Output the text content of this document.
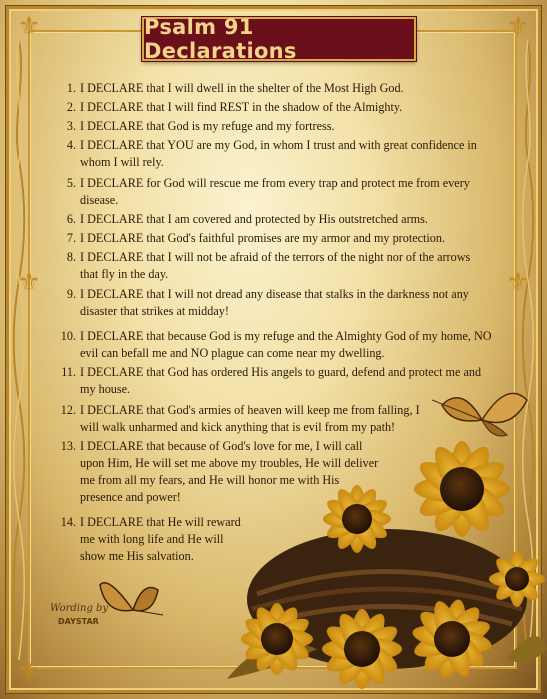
⚜	⚜
⚜	⚜
⚜
Psalm 91 Declarations
1. I DECLARE that I will dwell in the shelter of the Most High God.
2. I DECLARE that I will find REST in the shadow of the Almighty.
3. I DECLARE that God is my refuge and my fortress.
4. I DECLARE that YOU are my God, in whom I trust and with great confidence in whom I will rely.
5. I DECLARE for God will rescue me from every trap and protect me from every disease.
6. I DECLARE that I am covered and protected by His outstretched arms.
7. I DECLARE that God's faithful promises are my armor and my protection.
8. I DECLARE that I will not be afraid of the terrors of the night nor of the arrows that fly in the day.
9. I DECLARE that I will not dread any disease that stalks in the darkness not any disaster that strikes at midday!
10. I DECLARE that because God is my refuge and the Almighty God of my home, NO evil can befall me and NO plague can come near my dwelling.
11. I DECLARE that God has ordered His angels to guard, defend and protect me and my house.
12. I DECLARE that God's armies of heaven will keep me from falling, I will walk unharmed and kick anything that is evil from my path!
13. I DECLARE that because of God's love for me, I will call upon Him, He will set me above my troubles, He will deliver me from all my fears, and He will honor me with His presence and power!
14. I DECLARE that He will reward me with long life and He will show me His salvation.
Wording by
DAYSTAR
